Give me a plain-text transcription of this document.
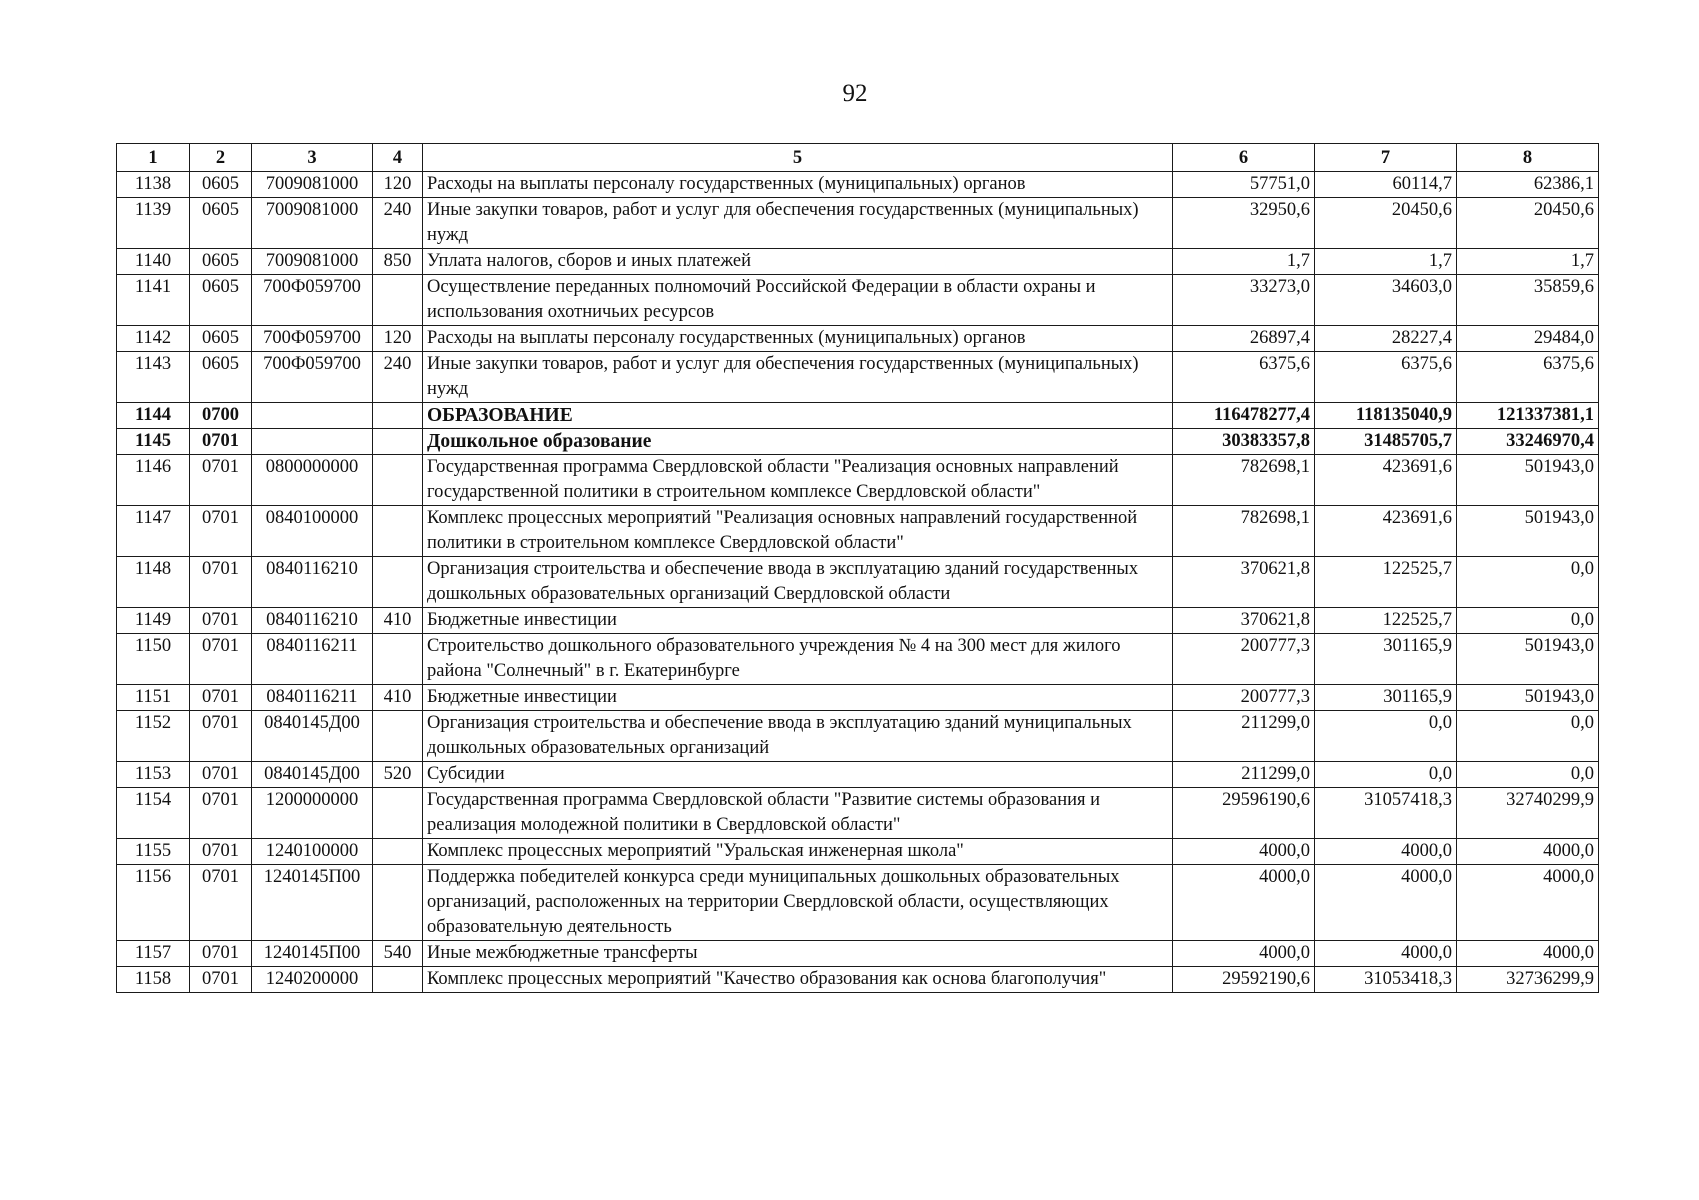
92
1	2	3	4	5	6	7	8
1138	0605	7009081000	120	Расходы на выплаты персоналу государственных (муниципальных) органов	57751,0	60114,7	62386,1
1139	0605	7009081000	240	Иные закупки товаров, работ и услуг для обеспечения государственных (муниципальных) нужд	32950,6	20450,6	20450,6
1140	0605	7009081000	850	Уплата налогов, сборов и иных платежей	1,7	1,7	1,7
1141	0605	700Ф059700		Осуществление переданных полномочий Российской Федерации в области охраны и использования охотничьих ресурсов	33273,0	34603,0	35859,6
1142	0605	700Ф059700	120	Расходы на выплаты персоналу государственных (муниципальных) органов	26897,4	28227,4	29484,0
1143	0605	700Ф059700	240	Иные закупки товаров, работ и услуг для обеспечения государственных (муниципальных) нужд	6375,6	6375,6	6375,6
1144	0700			ОБРАЗОВАНИЕ	116478277,4	118135040,9	121337381,1
1145	0701			Дошкольное образование	30383357,8	31485705,7	33246970,4
1146	0701	0800000000		Государственная программа Свердловской области "Реализация основных направлений государственной политики в строительном комплексе Свердловской области"	782698,1	423691,6	501943,0
1147	0701	0840100000		Комплекс процессных мероприятий "Реализация основных направлений государственной политики в строительном комплексе Свердловской области"	782698,1	423691,6	501943,0
1148	0701	0840116210		Организация строительства и обеспечение ввода в эксплуатацию зданий государственных дошкольных образовательных организаций Свердловской области	370621,8	122525,7	0,0
1149	0701	0840116210	410	Бюджетные инвестиции	370621,8	122525,7	0,0
1150	0701	0840116211		Строительство дошкольного образовательного учреждения № 4 на 300 мест для жилого района "Солнечный" в г. Екатеринбурге	200777,3	301165,9	501943,0
1151	0701	0840116211	410	Бюджетные инвестиции	200777,3	301165,9	501943,0
1152	0701	0840145Д00		Организация строительства и обеспечение ввода в эксплуатацию зданий муниципальных дошкольных образовательных организаций	211299,0	0,0	0,0
1153	0701	0840145Д00	520	Субсидии	211299,0	0,0	0,0
1154	0701	1200000000		Государственная программа Свердловской области "Развитие системы образования и реализация молодежной политики в Свердловской области"	29596190,6	31057418,3	32740299,9
1155	0701	1240100000		Комплекс процессных мероприятий "Уральская инженерная школа"	4000,0	4000,0	4000,0
1156	0701	1240145П00		Поддержка победителей конкурса среди муниципальных дошкольных образовательных организаций, расположенных на территории Свердловской области, осуществляющих образовательную деятельность	4000,0	4000,0	4000,0
1157	0701	1240145П00	540	Иные межбюджетные трансферты	4000,0	4000,0	4000,0
1158	0701	1240200000		Комплекс процессных мероприятий "Качество образования как основа благополучия"	29592190,6	31053418,3	32736299,9
